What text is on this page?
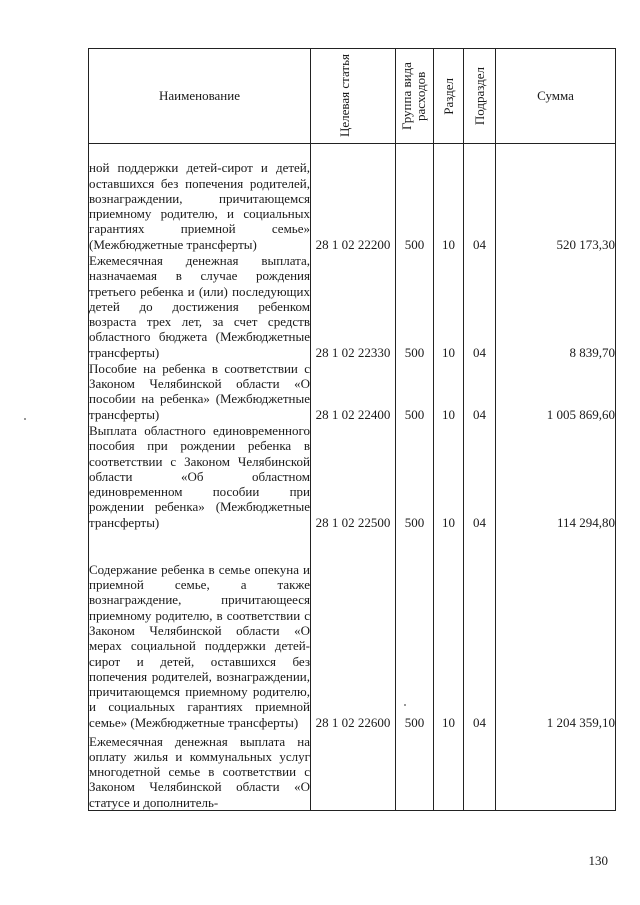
Наименование	Целевая статья	Группа вида расходов	Раздел	Подраздел	Сумма
ной поддержки детей-сирот и детей, оставшихся без попечения родителей, вознаграждении, причитающемся приемному родителю, и социальных гарантиях приемной семье» (Межбюджетные трансферты)	28 1 02 22200	500	10	04	520 173,30
Ежемесячная денежная выплата, назначаемая в случае рождения третьего ребенка и (или) последующих детей до достижения ребенком возраста трех лет, за счет средств областного бюджета (Межбюджетные трансферты)	28 1 02 22330	500	10	04	8 839,70
Пособие на ребенка в соответствии с Законом Челябинской области «О пособии на ребенка» (Межбюджетные трансферты)	28 1 02 22400	500	10	04	1 005 869,60
Выплата областного единовременного пособия при рождении ребенка в соответствии с Законом Челябинской области «Об областном единовременном пособии при рождении ребенка» (Межбюджетные трансферты)	28 1 02 22500	500	10	04	114 294,80
Содержание ребенка в семье опекуна и приемной семье, а также вознаграждение, причитающееся приемному родителю, в соответствии с Законом Челябинской области «О мерах социальной поддержки детей-сирот и детей, оставшихся без попечения родителей, вознаграждении, причитающемся приемному родителю, и социальных гарантиях приемной семье» (Межбюджетные трансферты)	28 1 02 22600	500	10	04	1 204 359,10
Ежемесячная денежная выплата на оплату жилья и коммунальных услуг многодетной семье в соответствии с Законом Челябинской области «О статусе и дополнитель-					
130
